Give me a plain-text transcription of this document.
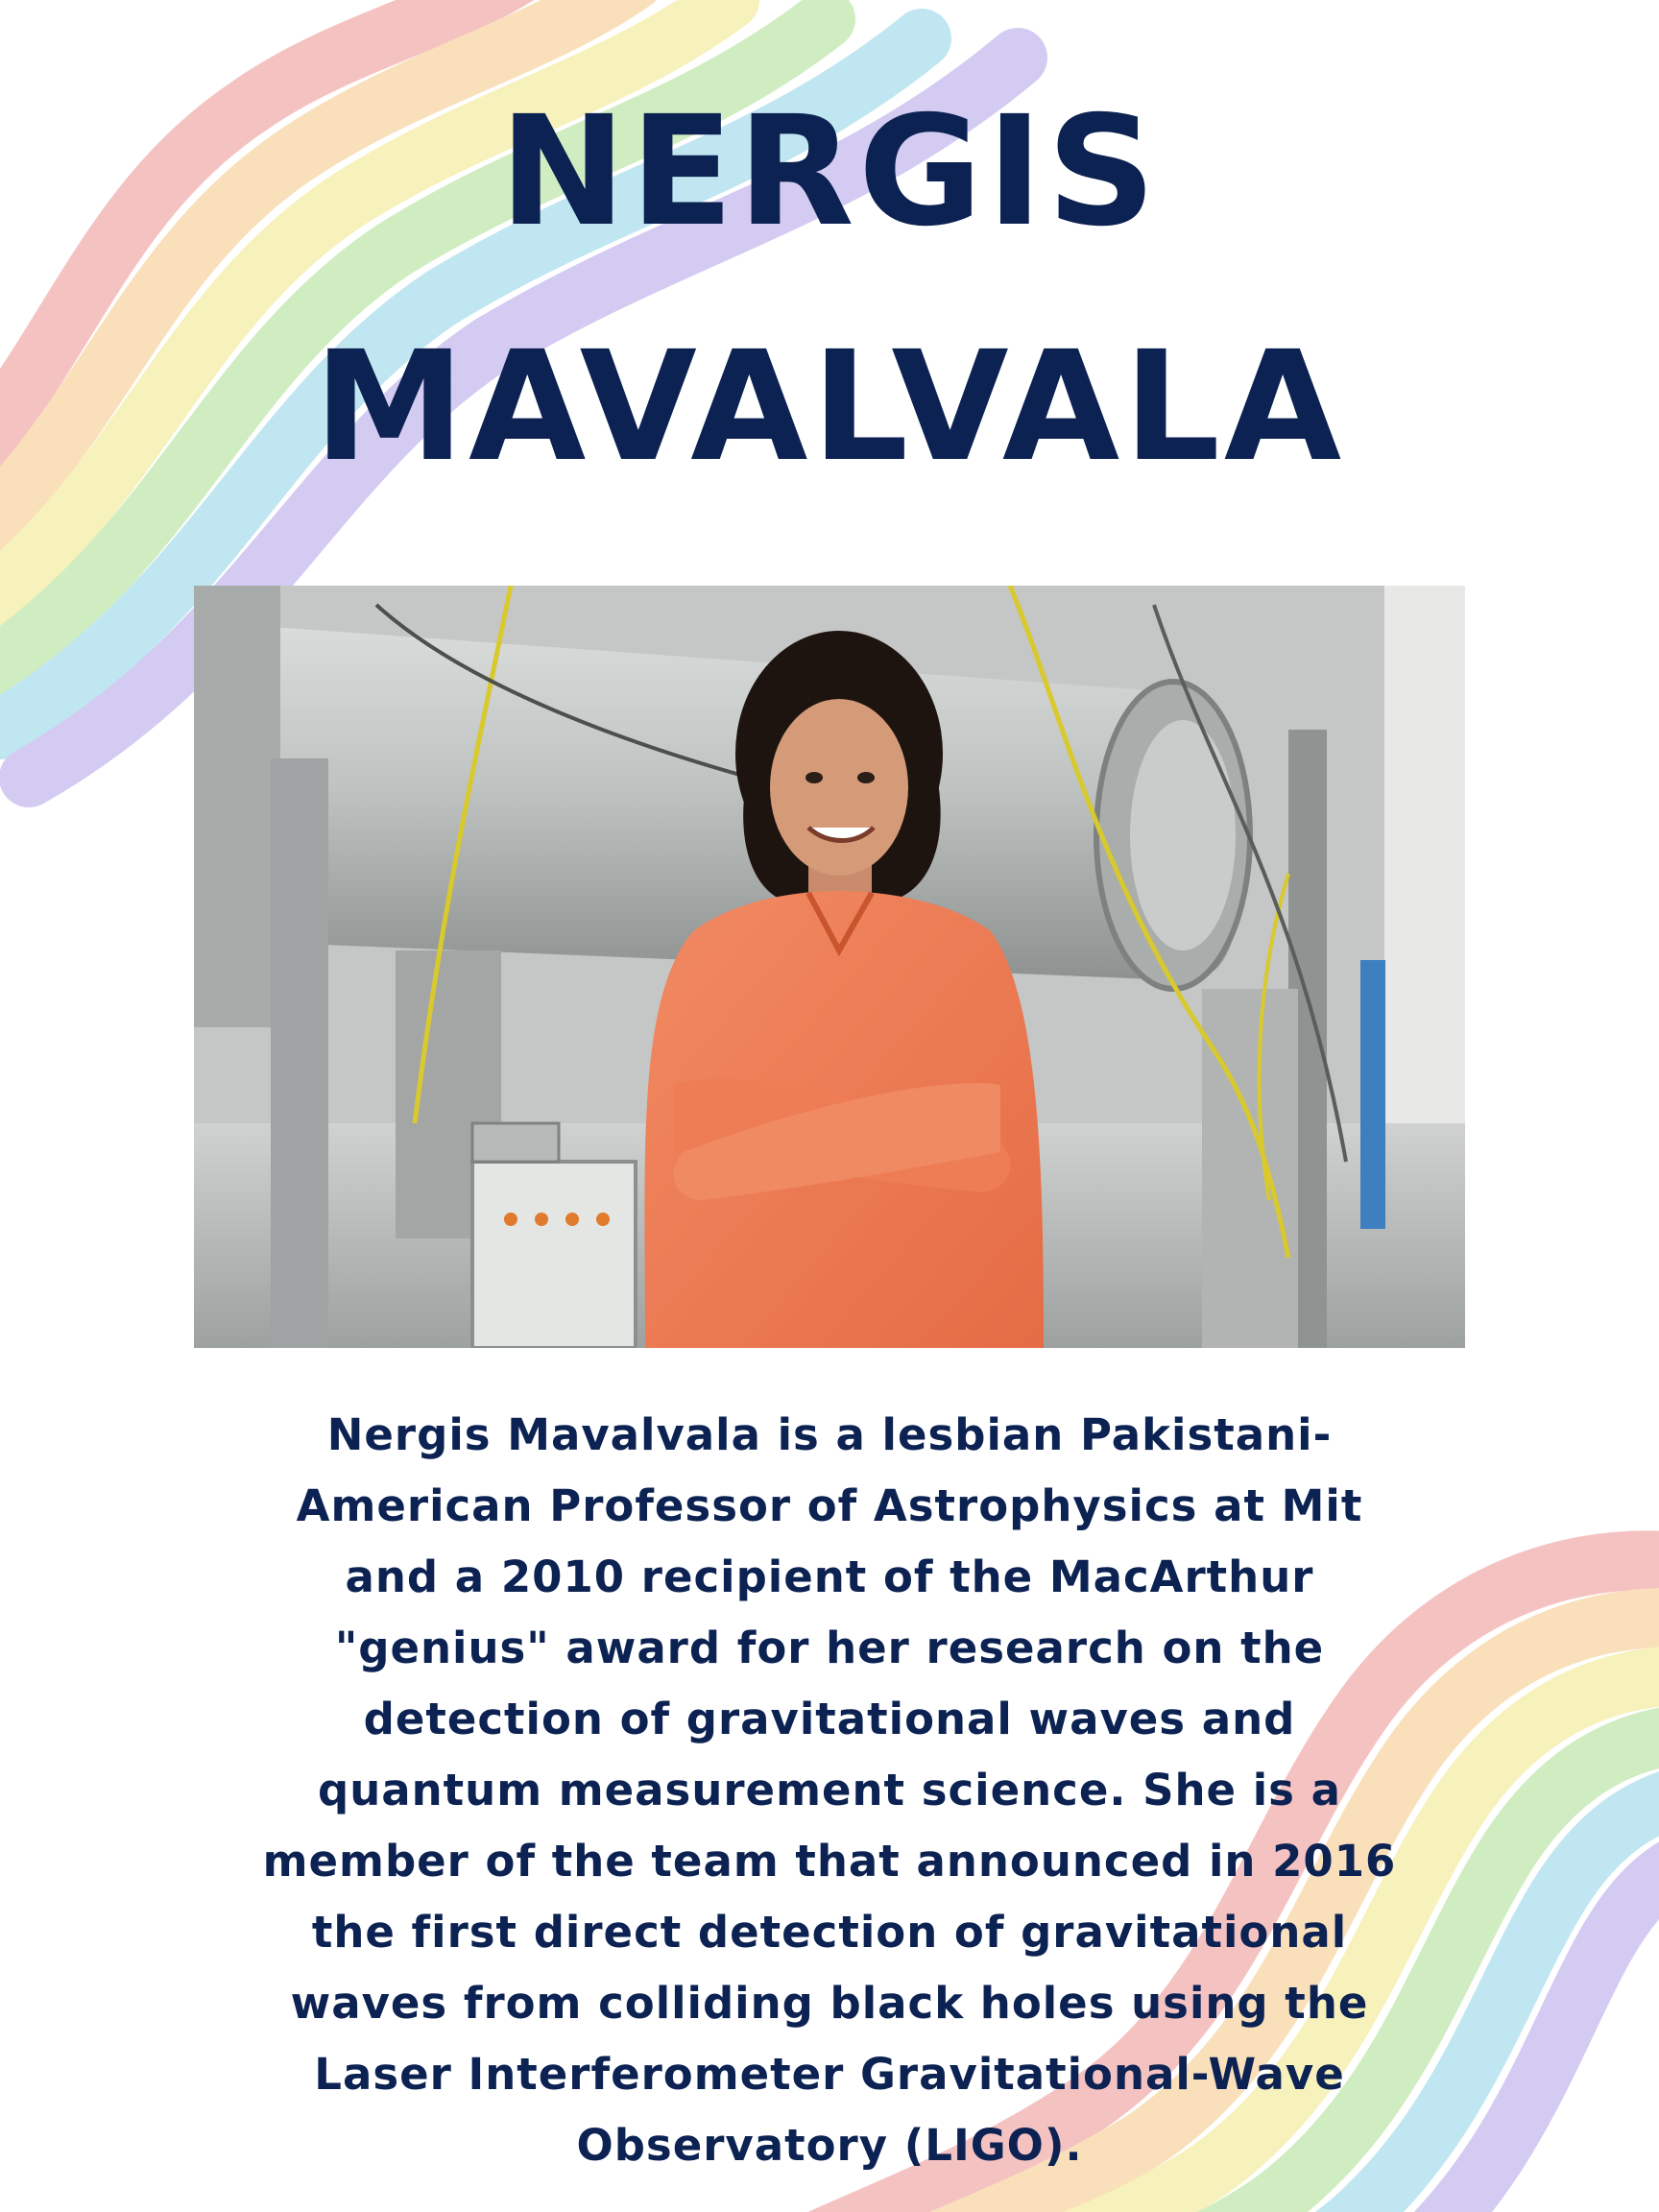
NERGIS
MAVALVALA

Nergis Mavalvala is a lesbian Pakistani-
American Professor of Astrophysics at Mit
and a 2010 recipient of the MacArthur
"genius" award for her research on the
detection of gravitational waves and
quantum measurement science. She is a
member of the team that announced in 2016
the first direct detection of gravitational
waves from colliding black holes using the
Laser Interferometer Gravitational-Wave
Observatory (LIGO).
